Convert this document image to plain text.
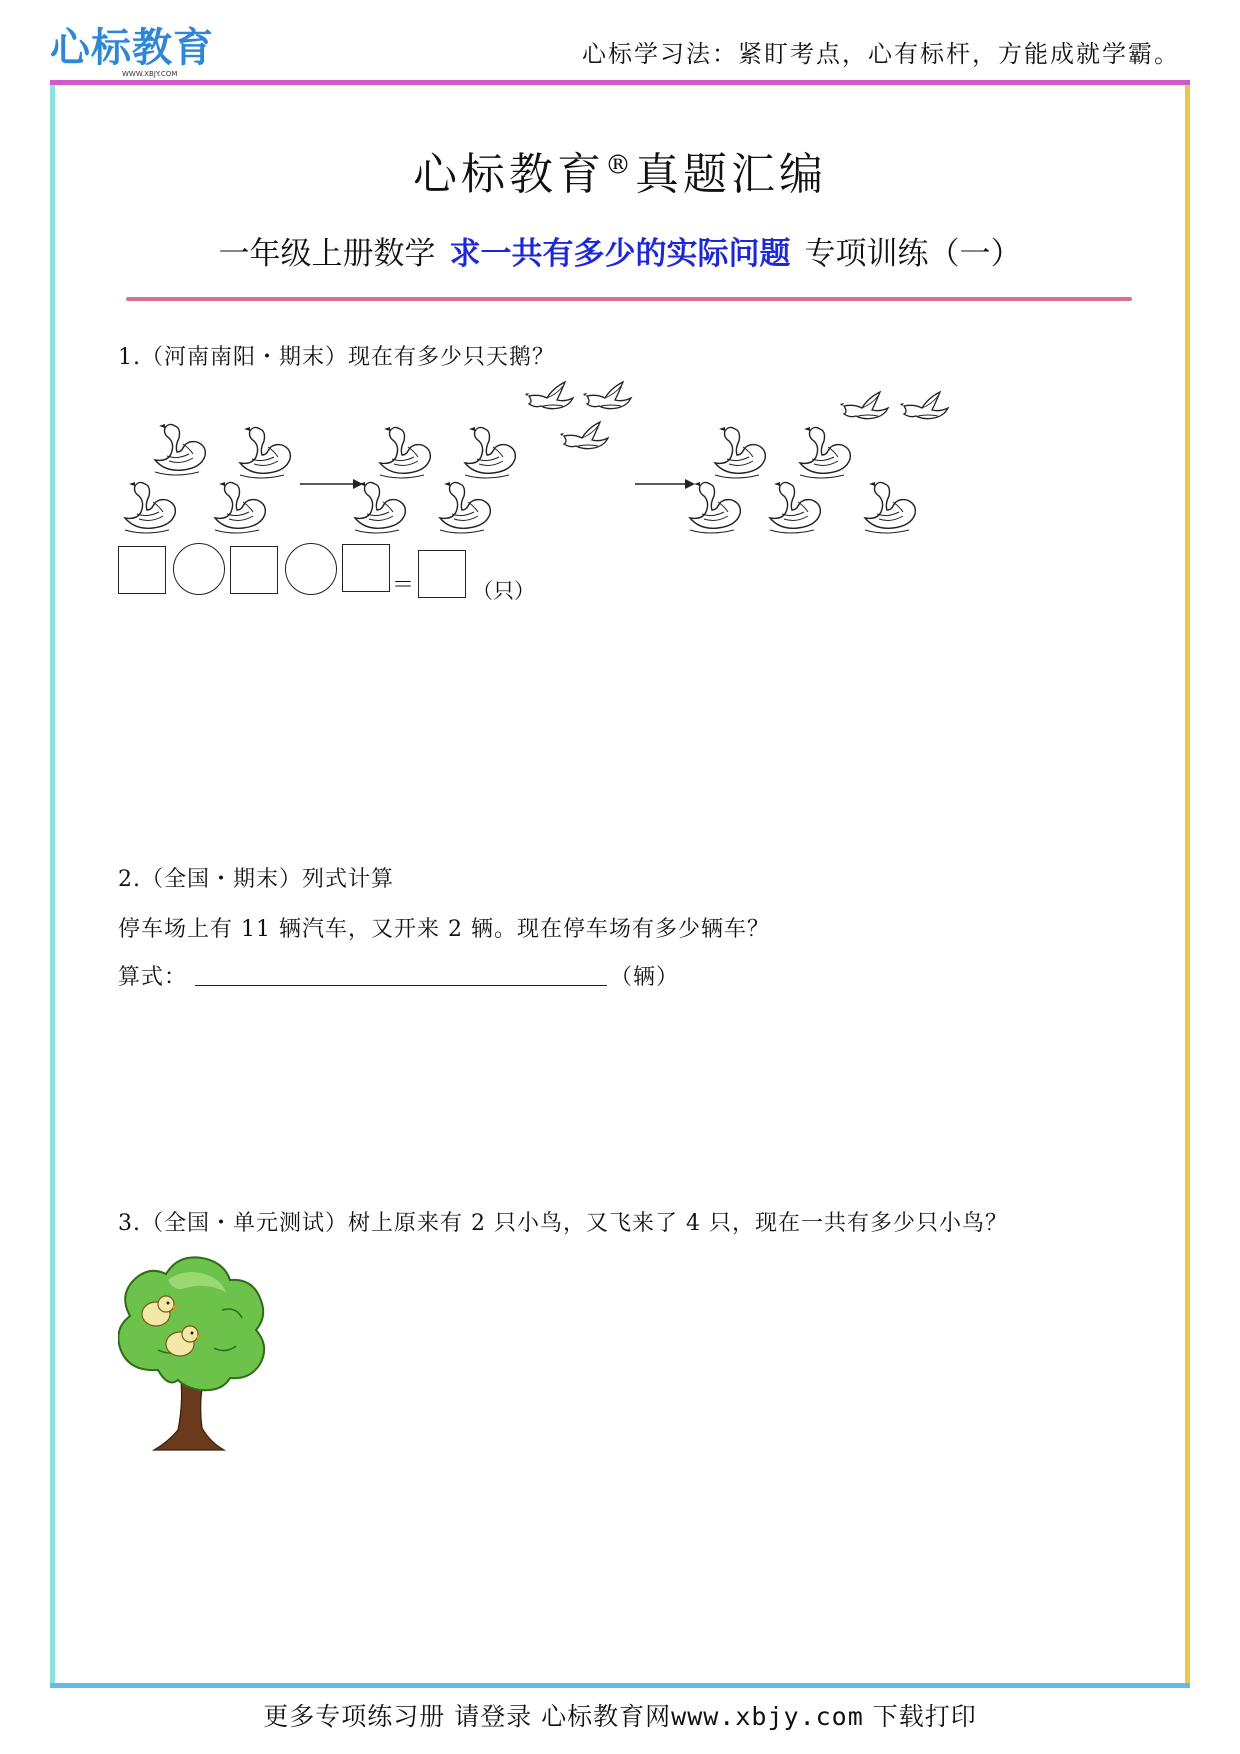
心标教育
WWW.XBJY.COM
心标学习法：紧盯考点，心有标杆，方能成就学霸。
心标教育®真题汇编
一年级上册数学 求一共有多少的实际问题 专项训练（一）
1.（河南南阳・期末）现在有多少只天鹅？
＝	（只）
2.（全国・期末）列式计算
停车场上有 11 辆汽车，又开来 2 辆。现在停车场有多少辆车？
算式：	（辆）
3.（全国・单元测试）树上原来有 2 只小鸟，又飞来了 4 只，现在一共有多少只小鸟？
更多专项练习册 请登录 心标教育网www.xbjy.com 下载打印
